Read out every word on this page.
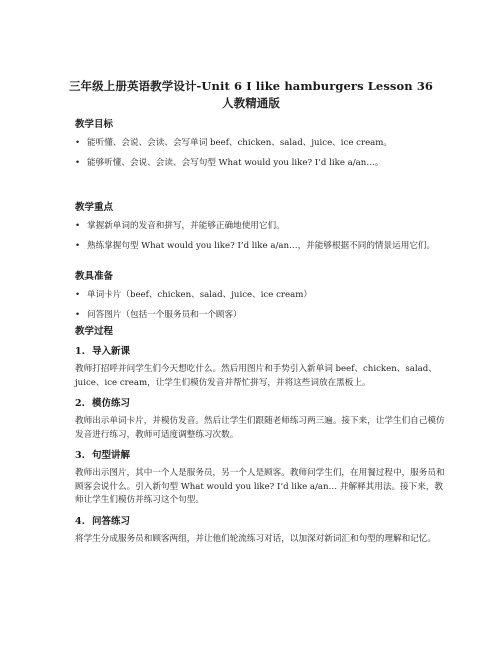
三年级上册英语教学设计-Unit 6 I like hamburgers Lesson 36
人教精通版
教学目标
• 能听懂、会说、会读、会写单词 beef、chicken、salad、juice、ice cream。
• 能够听懂、会说、会读、会写句型 What would you like? I’d like a/an…。
教学重点
• 掌握新单词的发音和拼写，并能够正确地使用它们。
• 熟练掌握句型 What would you like? I’d like a/an…，并能够根据不同的情景运用它们。
教具准备
• 单词卡片（beef、chicken、salad、juice、ice cream）
• 问答图片（包括一个服务员和一个顾客）
教学过程
1. 导入新课
教师打招呼并问学生们今天想吃什么。然后用图片和手势引入新单词 beef、chicken、salad、juice、ice cream，让学生们模仿发音并帮忙拼写，并将这些词放在黑板上。
2. 模仿练习
教师出示单词卡片，并模仿发音。然后让学生们跟随老师练习两三遍。接下来，让学生们自己模仿发音进行练习，教师可适度调整练习次数。
3. 句型讲解
教师出示图片，其中一个人是服务员，另一个人是顾客。教师问学生们，在用餐过程中，服务员和顾客会说什么。引入新句型 What would you like? I’d like a/an… 并解释其用法。接下来，教师让学生们模仿并练习这个句型。
4. 问答练习
将学生分成服务员和顾客两组，并让他们轮流练习对话，以加深对新词汇和句型的理解和记忆。
